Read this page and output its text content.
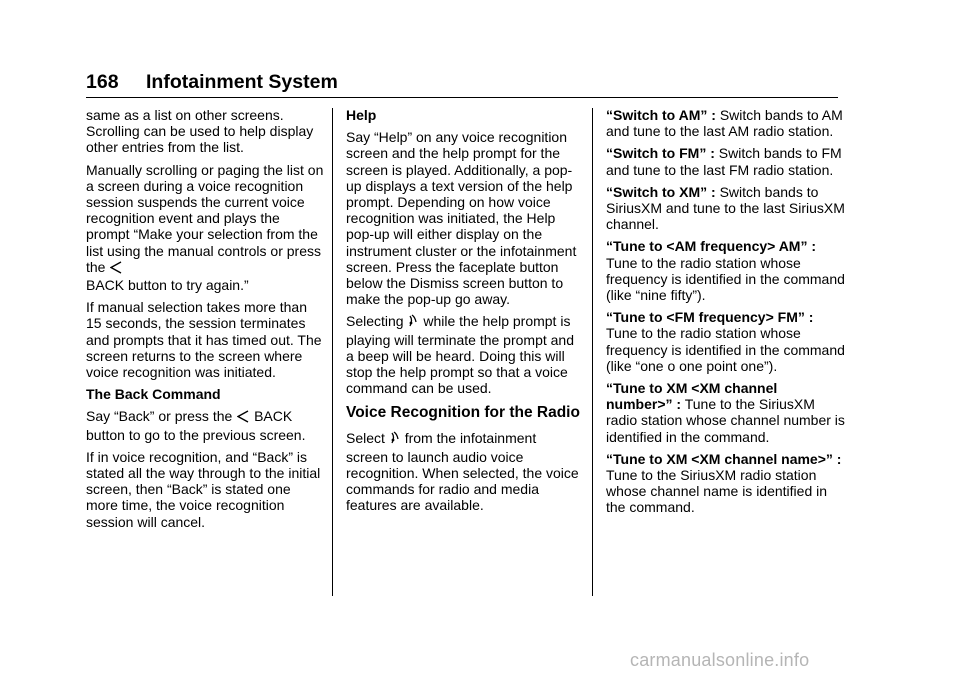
168 Infotainment System

same as a list on other screens. Scrolling can be used to help display other entries from the list.

Manually scrolling or paging the list on a screen during a voice recognition session suspends the current voice recognition event and plays the prompt “Make your selection from the list using the manual controls or press the
BACK button to try again.”

If manual selection takes more than 15 seconds, the session terminates and prompts that it has timed out. The screen returns to the screen where voice recognition was initiated.

The Back Command

Say “Back” or press the BACK button to go to the previous screen.

If in voice recognition, and “Back” is stated all the way through to the initial screen, then “Back” is stated one more time, the voice recognition session will cancel.

Help

Say “Help” on any voice recognition screen and the help prompt for the screen is played. Additionally, a pop-up displays a text version of the help prompt. Depending on how voice recognition was initiated, the Help pop-up will either display on the instrument cluster or the infotainment screen. Press the faceplate button below the Dismiss screen button to make the pop-up go away.

Selecting while the help prompt is playing will terminate the prompt and a beep will be heard. Doing this will stop the help prompt so that a voice command can be used.

Voice Recognition for the Radio

Select from the infotainment screen to launch audio voice recognition. When selected, the voice commands for radio and media features are available.

“Switch to AM” : Switch bands to AM and tune to the last AM radio station.

“Switch to FM” : Switch bands to FM and tune to the last FM radio station.

“Switch to XM” : Switch bands to SiriusXM and tune to the last SiriusXM channel.

“Tune to <AM frequency> AM” :
Tune to the radio station whose frequency is identified in the command (like “nine fifty”).

“Tune to <FM frequency> FM” :
Tune to the radio station whose frequency is identified in the command (like “one o one point one”).

“Tune to XM <XM channel number>” : Tune to the SiriusXM radio station whose channel number is identified in the command.

“Tune to XM <XM channel name>” : Tune to the SiriusXM radio station whose channel name is identified in the command.

carmanualsonline.info
